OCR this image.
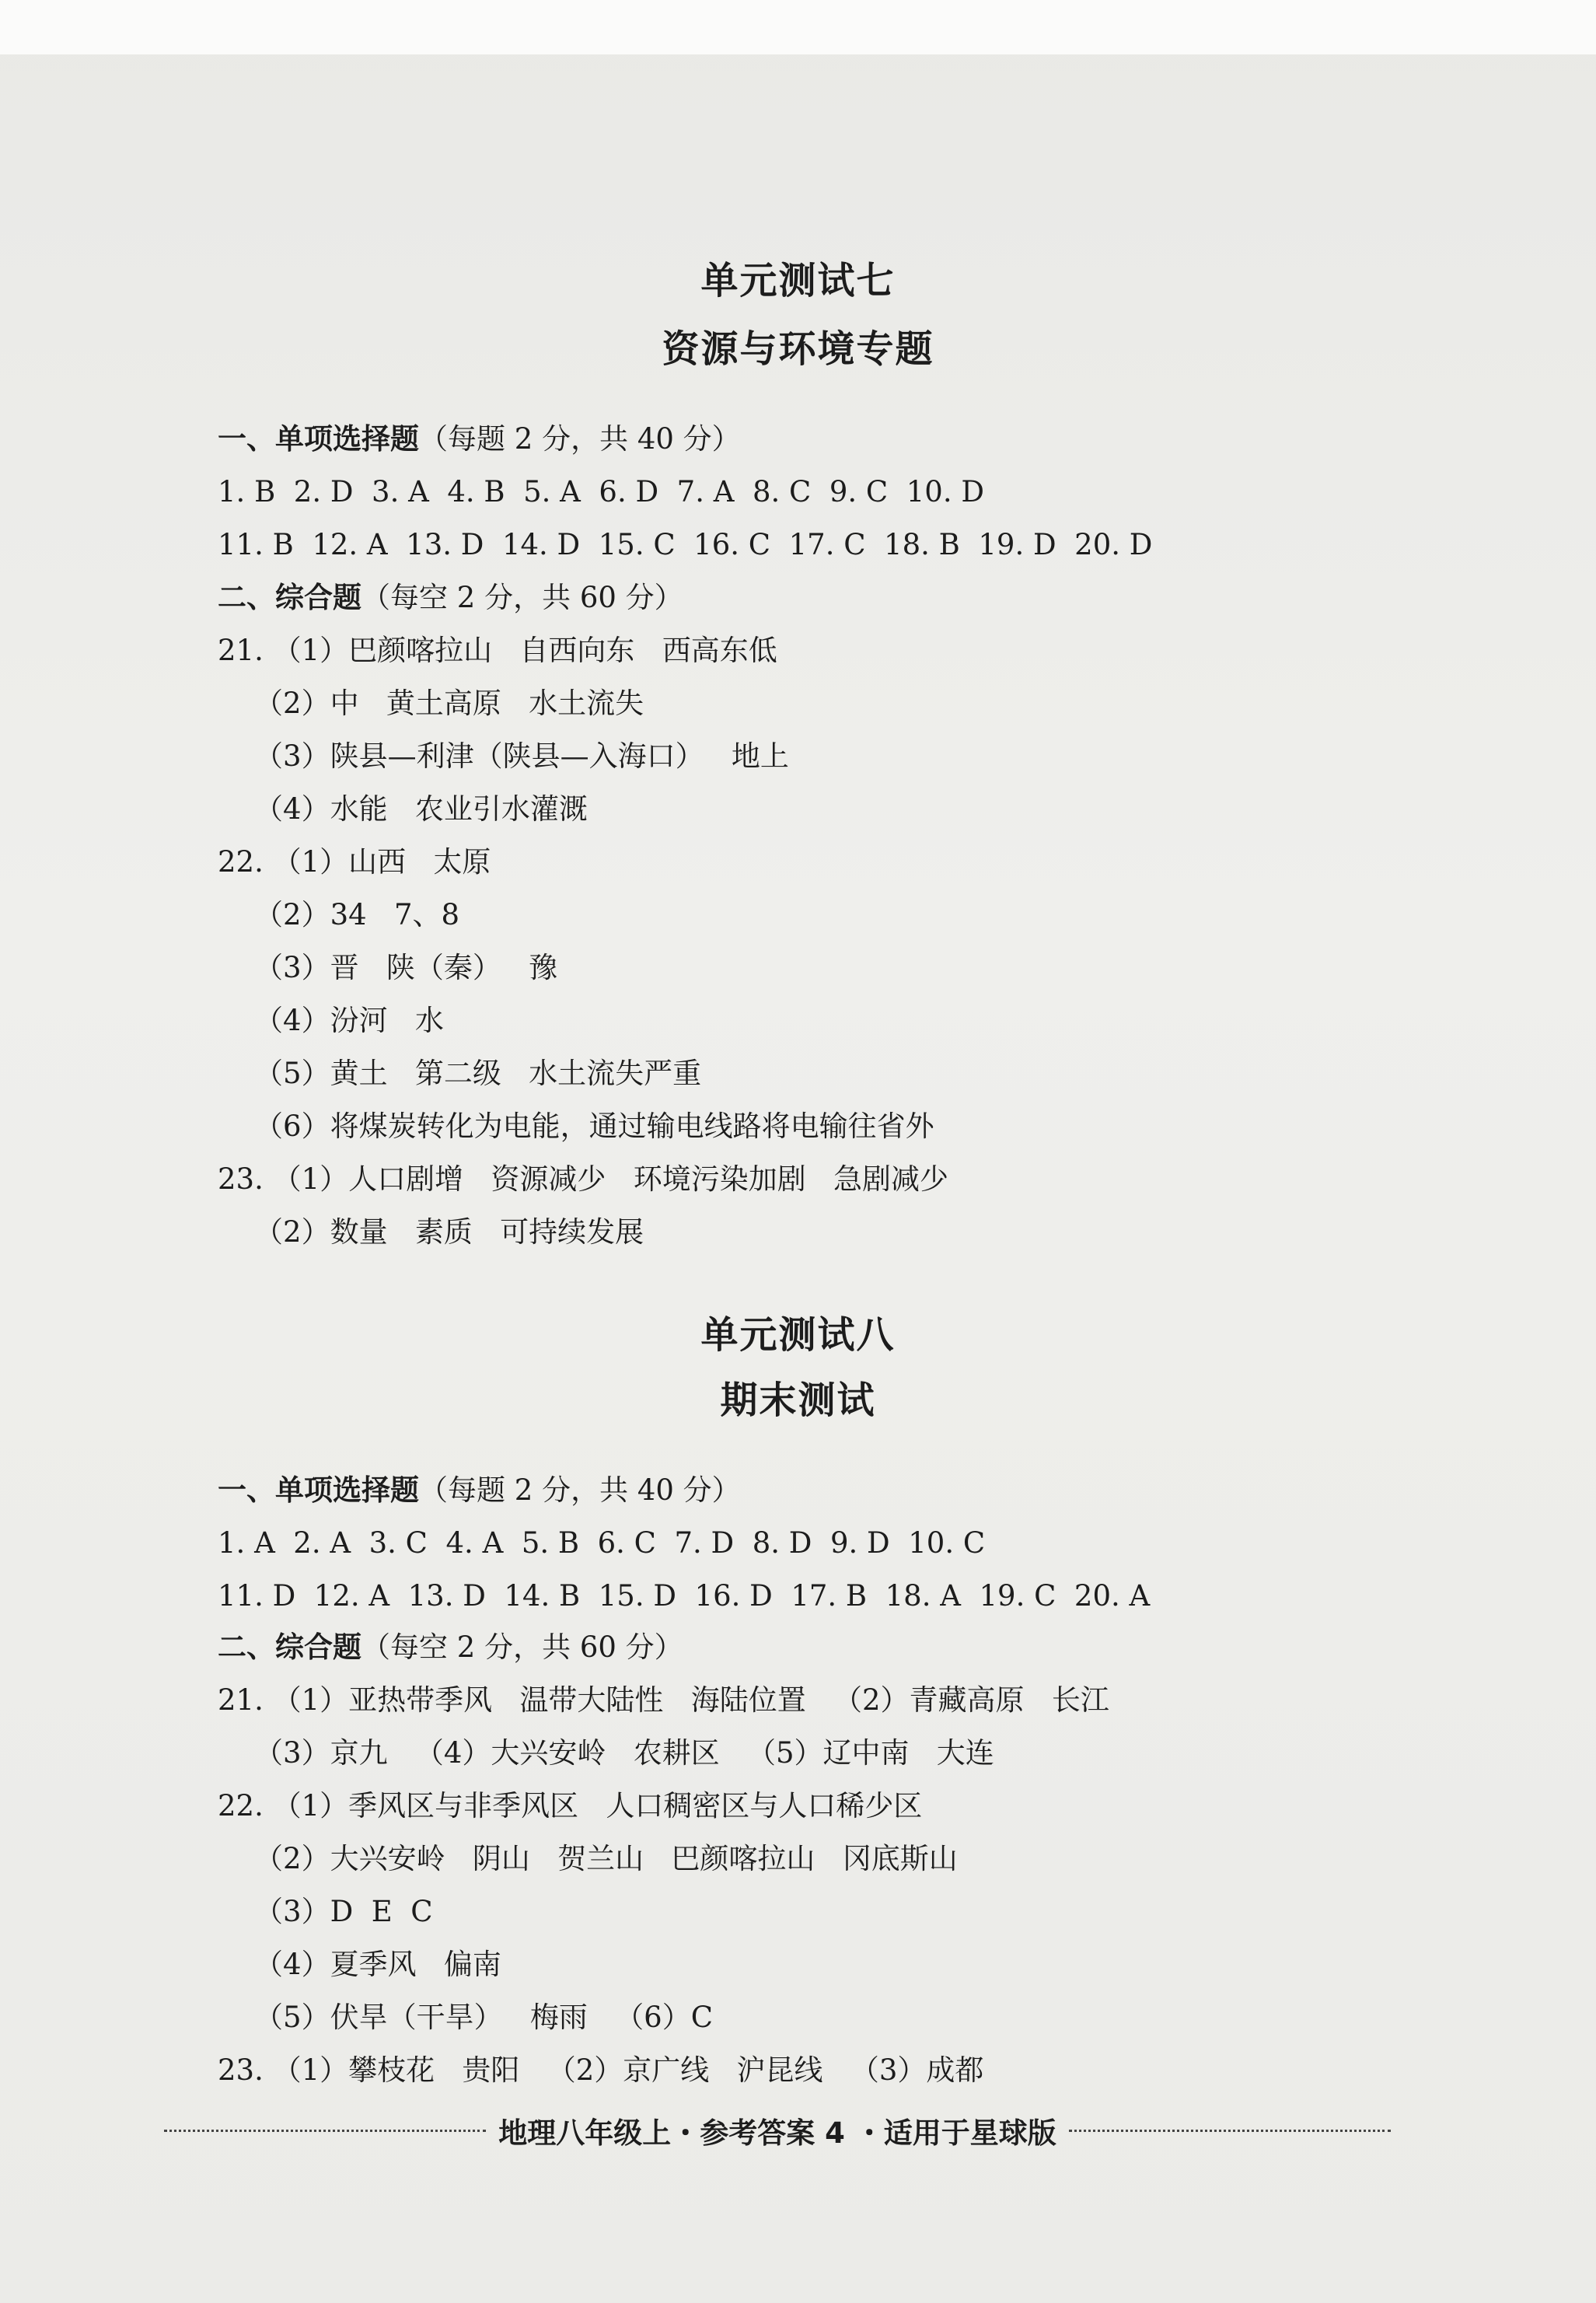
单元测试七
资源与环境专题
一、单项选择题（每题 2 分，共 40 分）
1. B  2. D  3. A  4. B  5. A  6. D  7. A  8. C  9. C  10. D
11. B  12. A  13. D  14. D  15. C  16. C  17. C  18. B  19. D  20. D
二、综合题（每空 2 分，共 60 分）
21. （1）巴颜喀拉山   自西向东   西高东低
（2）中   黄土高原   水土流失
（3）陕县—利津（陕县—入海口）   地上
（4）水能   农业引水灌溉
22. （1）山西   太原
（2）34   7、8
（3）晋   陕（秦）   豫
（4）汾河   水
（5）黄土   第二级   水土流失严重
（6）将煤炭转化为电能，通过输电线路将电输往省外
23. （1）人口剧增   资源减少   环境污染加剧   急剧减少
（2）数量   素质   可持续发展
单元测试八
期末测试
一、单项选择题（每题 2 分，共 40 分）
1. A  2. A  3. C  4. A  5. B  6. C  7. D  8. D  9. D  10. C
11. D  12. A  13. D  14. B  15. D  16. D  17. B  18. A  19. C  20. A
二、综合题（每空 2 分，共 60 分）
21. （1）亚热带季风   温带大陆性   海陆位置   （2）青藏高原   长江
（3）京九   （4）大兴安岭   农耕区   （5）辽中南   大连
22. （1）季风区与非季风区   人口稠密区与人口稀少区
（2）大兴安岭   阴山   贺兰山   巴颜喀拉山   冈底斯山
（3）D  E  C
（4）夏季风   偏南
（5）伏旱（干旱）   梅雨   （6）C
23. （1）攀枝花   贵阳   （2）京广线   沪昆线   （3）成都
地理八年级上・参考答案 4 ・适用于星球版
